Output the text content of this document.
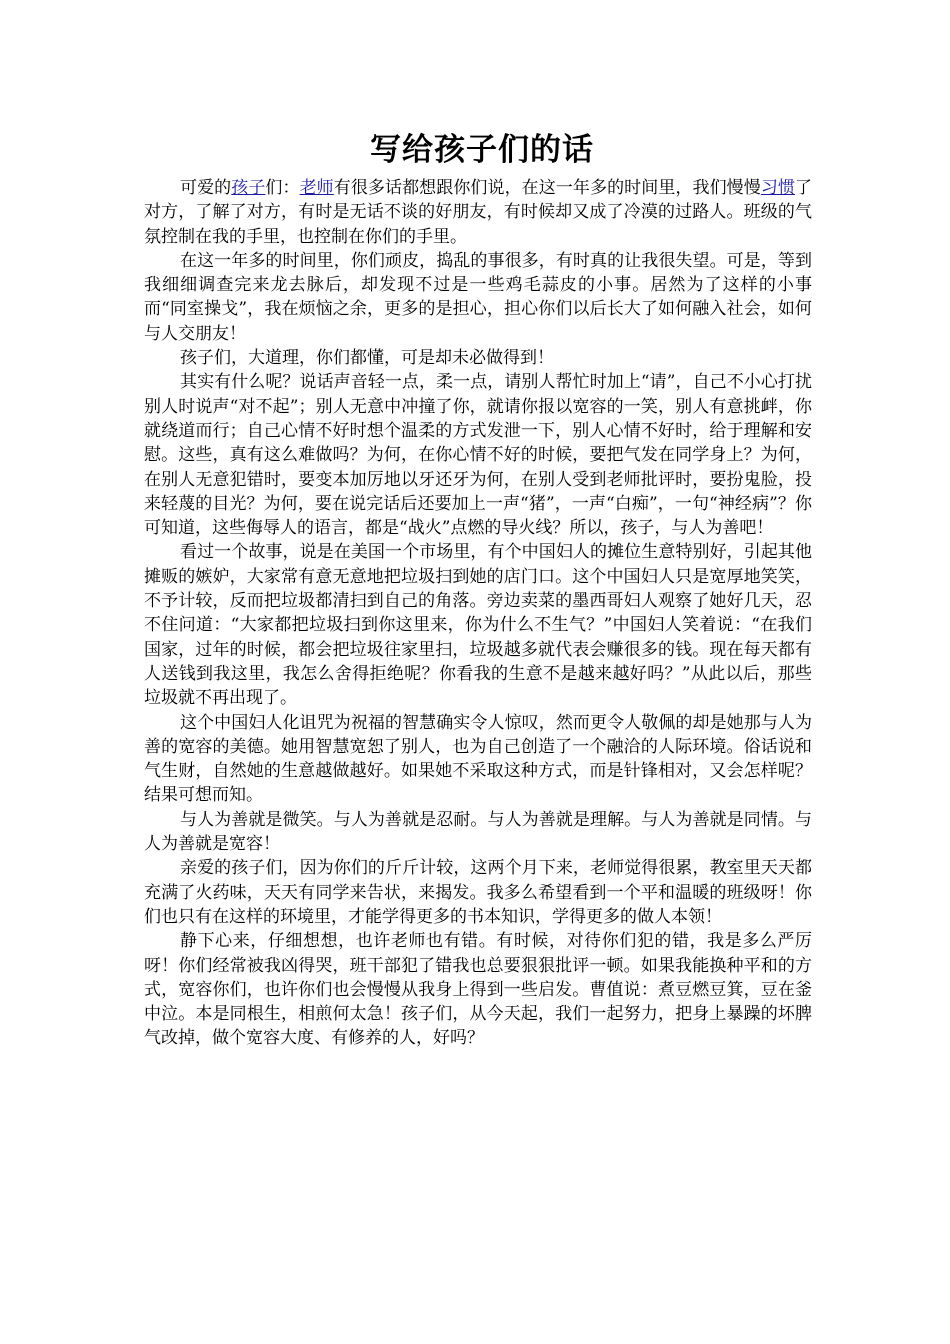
写给孩子们的话

可爱的孩子们：老师有很多话都想跟你们说，在这一年多的时间里，我们慢慢习惯了对方，了解了对方，有时是无话不谈的好朋友，有时候却又成了冷漠的过路人。班级的气氛控制在我的手里，也控制在你们的手里。

在这一年多的时间里，你们顽皮，捣乱的事很多，有时真的让我很失望。可是，等到我细细调查完来龙去脉后，却发现不过是一些鸡毛蒜皮的小事。居然为了这样的小事而“同室操戈”，我在烦恼之余，更多的是担心，担心你们以后长大了如何融入社会，如何与人交朋友！

孩子们，大道理，你们都懂，可是却未必做得到！

其实有什么呢？说话声音轻一点，柔一点，请别人帮忙时加上“请”，自己不小心打扰别人时说声“对不起”；别人无意中冲撞了你，就请你报以宽容的一笑，别人有意挑衅，你就绕道而行；自己心情不好时想个温柔的方式发泄一下，别人心情不好时，给于理解和安慰。这些，真有这么难做吗？为何，在你心情不好的时候，要把气发在同学身上？为何，在别人无意犯错时，要变本加厉地以牙还牙为何，在别人受到老师批评时，要扮鬼脸，投来轻蔑的目光？为何，要在说完话后还要加上一声“猪”，一声“白痴”，一句“神经病”？你可知道，这些侮辱人的语言，都是“战火”点燃的导火线？所以，孩子，与人为善吧！

看过一个故事，说是在美国一个市场里，有个中国妇人的摊位生意特别好，引起其他摊贩的嫉妒，大家常有意无意地把垃圾扫到她的店门口。这个中国妇人只是宽厚地笑笑，不予计较，反而把垃圾都清扫到自己的角落。旁边卖菜的墨西哥妇人观察了她好几天，忍不住问道：“大家都把垃圾扫到你这里来，你为什么不生气？”中国妇人笑着说：“在我们国家，过年的时候，都会把垃圾往家里扫，垃圾越多就代表会赚很多的钱。现在每天都有人送钱到我这里，我怎么舍得拒绝呢？你看我的生意不是越来越好吗？”从此以后，那些垃圾就不再出现了。

这个中国妇人化诅咒为祝福的智慧确实令人惊叹，然而更令人敬佩的却是她那与人为善的宽容的美德。她用智慧宽恕了别人，也为自己创造了一个融洽的人际环境。俗话说和气生财，自然她的生意越做越好。如果她不采取这种方式，而是针锋相对，又会怎样呢？结果可想而知。

与人为善就是微笑。与人为善就是忍耐。与人为善就是理解。与人为善就是同情。与人为善就是宽容！

亲爱的孩子们，因为你们的斤斤计较，这两个月下来，老师觉得很累，教室里天天都充满了火药味，天天有同学来告状，来揭发。我多么希望看到一个平和温暖的班级呀！你们也只有在这样的环境里，才能学得更多的书本知识，学得更多的做人本领！

静下心来，仔细想想，也许老师也有错。有时候，对待你们犯的错，我是多么严厉呀！你们经常被我凶得哭，班干部犯了错我也总要狠狠批评一顿。如果我能换种平和的方式，宽容你们，也许你们也会慢慢从我身上得到一些启发。曹值说：煮豆燃豆箕，豆在釜中泣。本是同根生，相煎何太急！孩子们，从今天起，我们一起努力，把身上暴躁的坏脾气改掉，做个宽容大度、有修养的人，好吗？
